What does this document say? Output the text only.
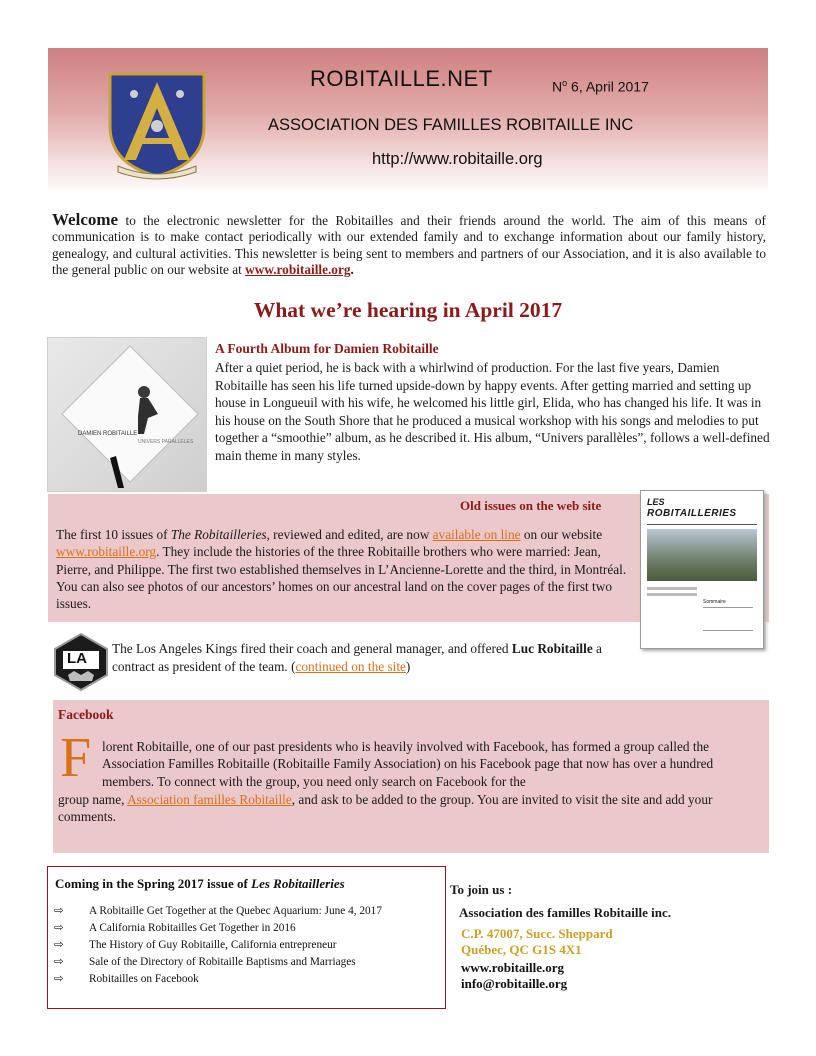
ROBITAILLE.NET	$N^o$ 6, April 2017
ASSOCIATION DES FAMILLES ROBITAILLE INC
http://www.robitaille.org
Welcome to the electronic newsletter for the Robitailles and their friends around the world. The aim of this means of communication is to make contact periodically with our extended family and to exchange information about our family history, genealogy, and cultural activities. This newsletter is being sent to members and partners of our Association, and it is also available to the general public on our website at www.robitaille.org.
What we’re hearing in April 2017
DAMIEN ROBITAILLE
UNIVERS PARALLÈLES
A Fourth Album for Damien Robitaille
After a quiet period, he is back with a whirlwind of production. For the last five years, Damien Robitaille has seen his life turned upside-down by happy events. After getting married and setting up house in Longueuil with his wife, he welcomed his little girl, Elida, who has changed his life. It was in his house on the South Shore that he produced a musical workshop with his songs and melodies to put together a “smoothie” album, as he described it. His album, “Univers parallèles”, follows a well-defined main theme in many styles.
Old issues on the web site
The first 10 issues of The Robitailleries, reviewed and edited, are now available on line on our website www.robitaille.org. They include the histories of the three Robitaille brothers who were married: Jean, Pierre, and Philippe. The first two established themselves in L’Ancienne-Lorette and the third, in Montréal. You can also see photos of our ancestors’ homes on our ancestral land on the cover pages of the first two issues.
LES
ROBITAILLERIES
Sommaire
LA
The Los Angeles Kings fired their coach and general manager, and offered Luc Robitaille a contract as president of the team. (continued on the site)
Facebook
F lorent Robitaille, one of our past presidents who is heavily involved with Facebook, has formed a group called the Association Familles Robitaille (Robitaille Family Association) on his Facebook page that now has over a hundred members. To connect with the group, you need only search on Facebook for the
group name, Association familles Robitaille, and ask to be added to the group. You are invited to visit the site and add your comments.
Coming in the Spring 2017 issue of Les Robitailleries
⇨ A Robitaille Get Together at the Quebec Aquarium: June 4, 2017
⇨ A California Robitailles Get Together in 2016
⇨ The History of Guy Robitaille, California entrepreneur
⇨ Sale of the Directory of Robitaille Baptisms and Marriages
⇨ Robitailles on Facebook
To join us :
Association des familles Robitaille inc.
C.P. 47007, Succ. Sheppard
Québec, QC G1S 4X1
www.robitaille.org
info@robitaille.org
